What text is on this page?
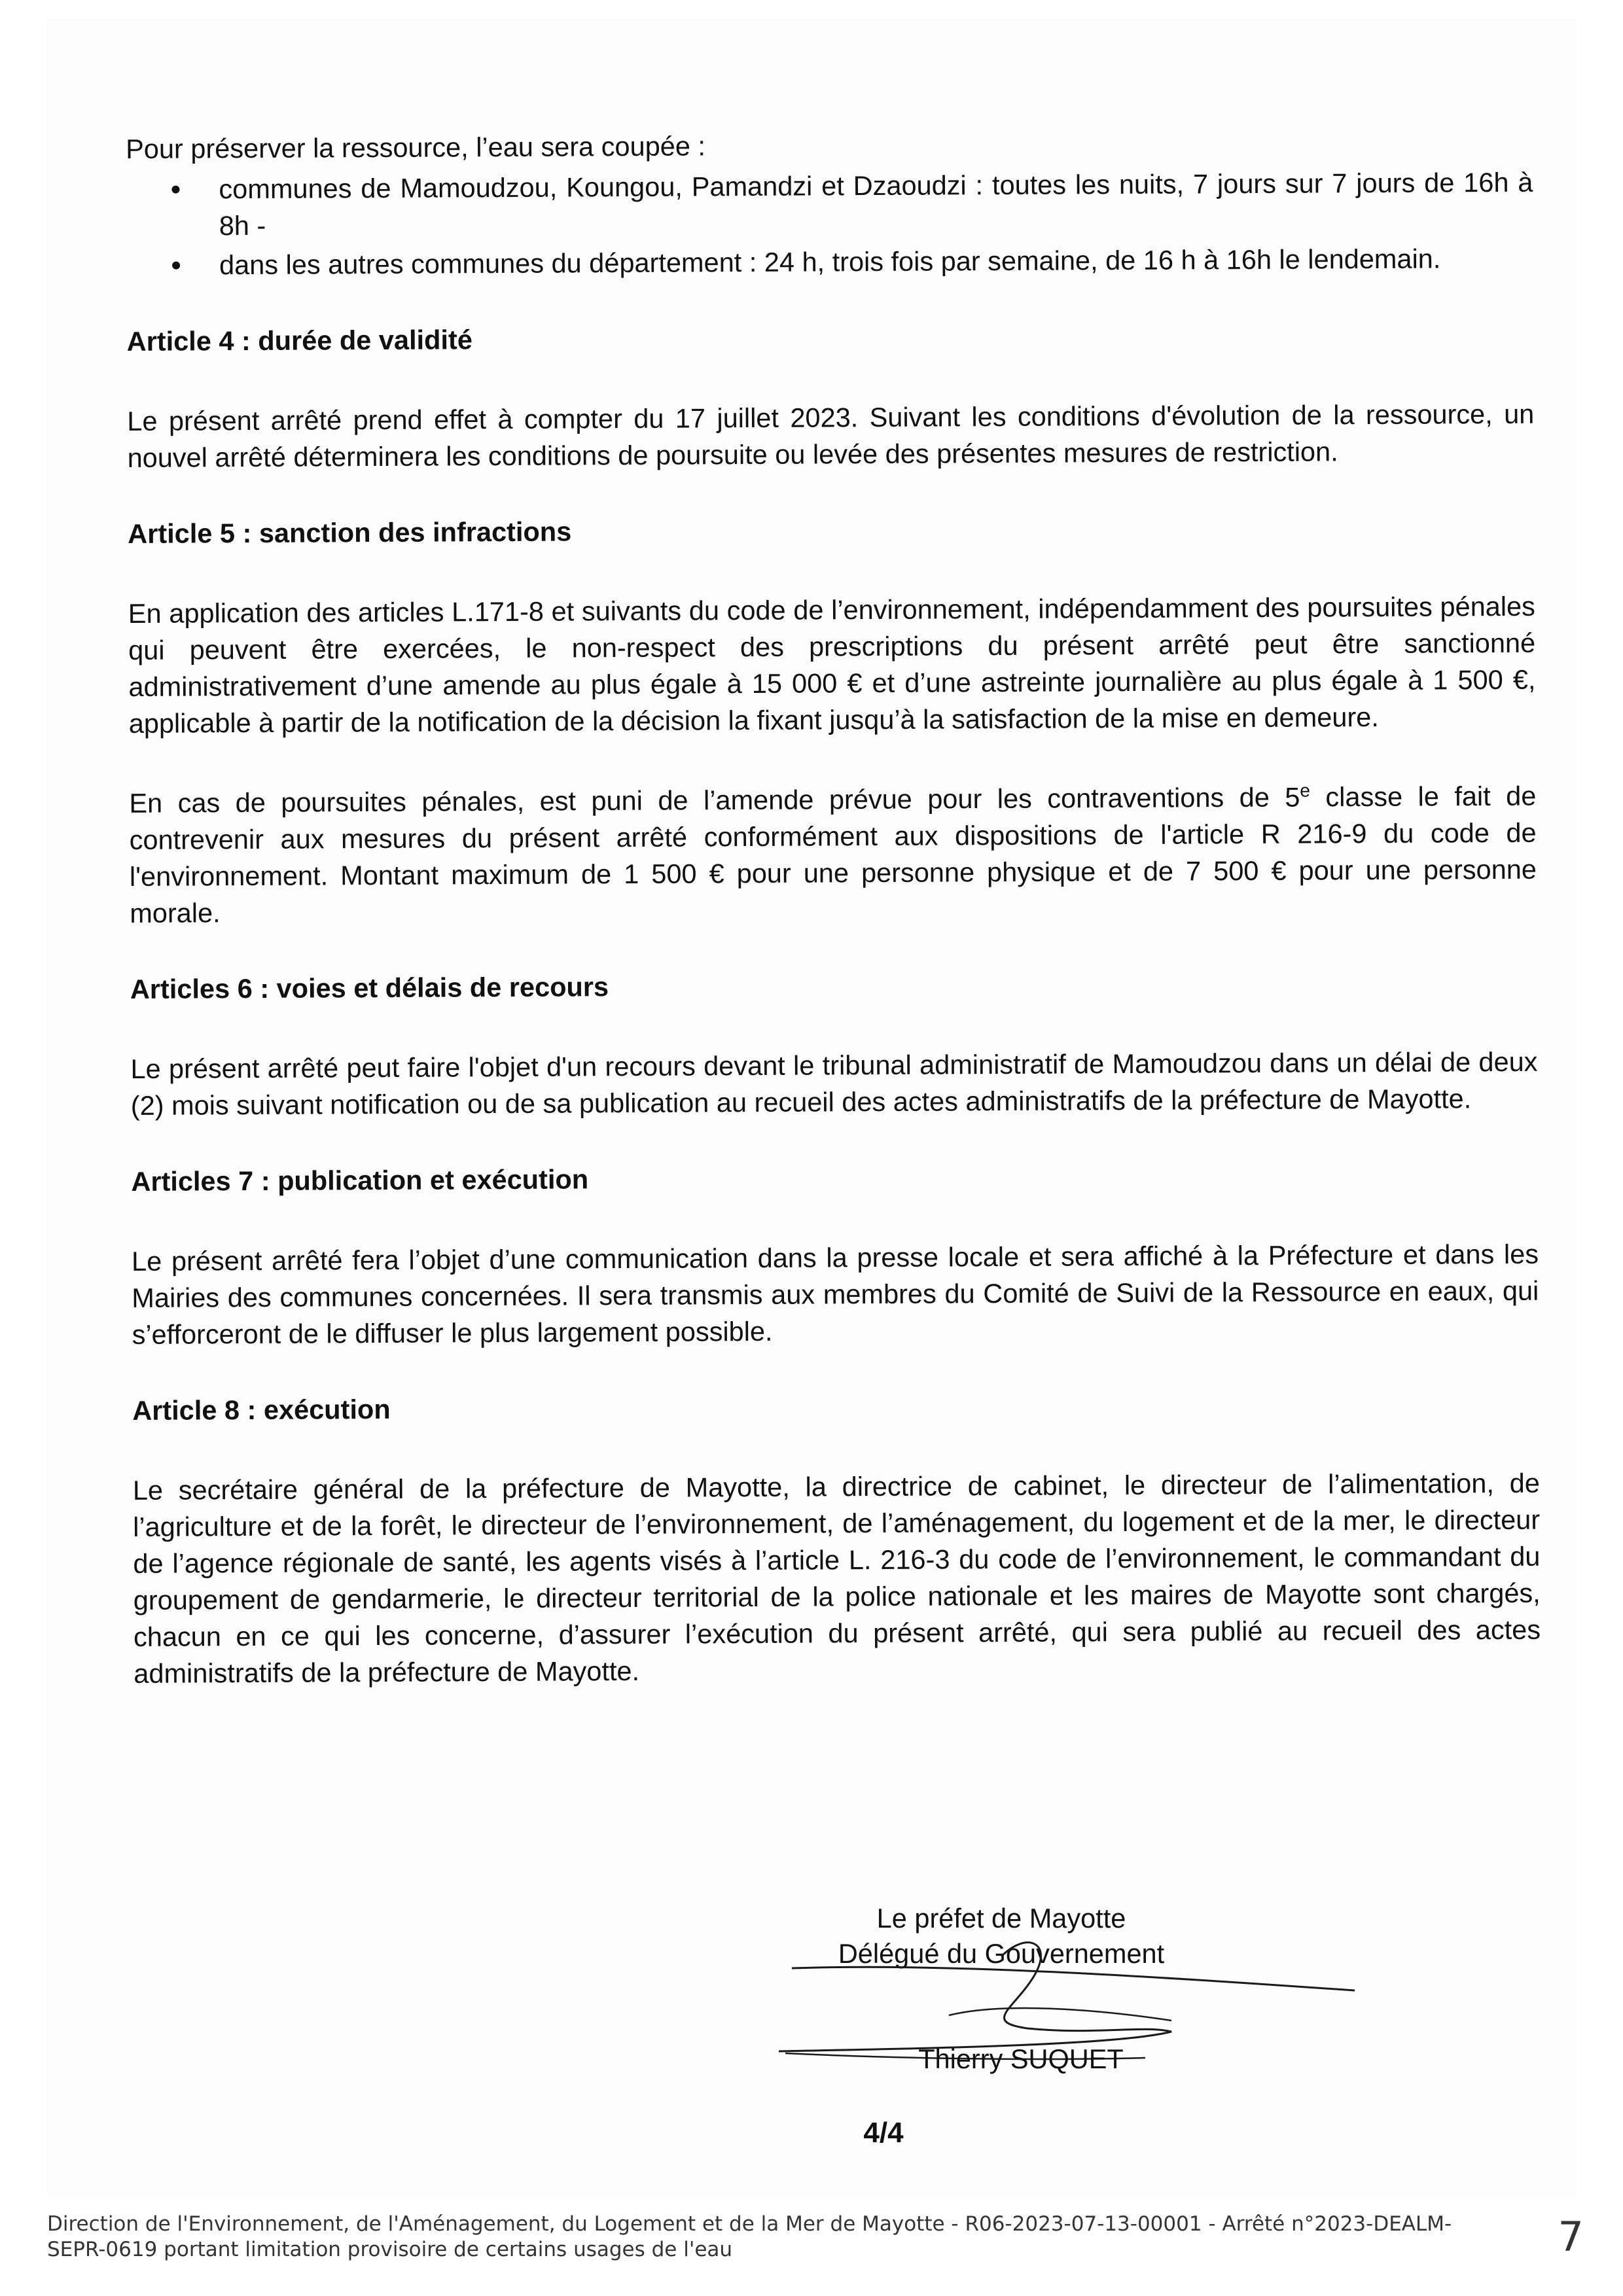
Pour préserver la ressource, l’eau sera coupée :

communes de Mamoudzou, Koungou, Pamandzi et Dzaoudzi : toutes les nuits, 7 jours sur 7 jours de 16h à 8h -
dans les autres communes du département : 24 h, trois fois par semaine, de 16 h à 16h le lendemain.

Article 4 : durée de validité

Le présent arrêté prend effet à compter du 17 juillet 2023. Suivant les conditions d'évolution de la ressource, un nouvel arrêté déterminera les conditions de poursuite ou levée des présentes mesures de restriction.

Article 5 : sanction des infractions

En application des articles L.171-8 et suivants du code de l’environnement, indépendamment des poursuites pénales qui peuvent être exercées, le non-respect des prescriptions du présent arrêté peut être sanctionné administrativement d’une amende au plus égale à 15 000 € et d’une astreinte journalière au plus égale à 1 500 €, applicable à partir de la notification de la décision la fixant jusqu’à la satisfaction de la mise en demeure.

En cas de poursuites pénales, est puni de l’amende prévue pour les contraventions de 5e classe le fait de contrevenir aux mesures du présent arrêté conformément aux dispositions de l'article R 216-9 du code de l'environnement. Montant maximum de 1 500 € pour une personne physique et de 7 500 € pour une personne morale.

Articles 6 : voies et délais de recours

Le présent arrêté peut faire l'objet d'un recours devant le tribunal administratif de Mamoudzou dans un délai de deux (2) mois suivant notification ou de sa publication au recueil des actes administratifs de la préfecture de Mayotte.

Articles 7 : publication et exécution

Le présent arrêté fera l’objet d’une communication dans la presse locale et sera affiché à la Préfecture et dans les Mairies des communes concernées. Il sera transmis aux membres du Comité de Suivi de la Ressource en eaux, qui s’efforceront de le diffuser le plus largement possible.

Article 8 : exécution

Le secrétaire général de la préfecture de Mayotte, la directrice de cabinet, le directeur de l’alimentation, de l’agriculture et de la forêt, le directeur de l’environnement, de l’aménagement, du logement et de la mer, le directeur de l’agence régionale de santé, les agents visés à l’article L. 216-3 du code de l’environnement, le commandant du groupement de gendarmerie, le directeur territorial de la police nationale et les maires de Mayotte sont chargés, chacun en ce qui les concerne, d’assurer l’exécution du présent arrêté, qui sera publié au recueil des actes administratifs de la préfecture de Mayotte.

Le préfet de Mayotte
Délégué du Gouvernement
Thierry SUQUET
4/4
Direction de l'Environnement, de l'Aménagement, du Logement et de la Mer de Mayotte - R06-2023-07-13-00001 - Arrêté n°2023-DEALM-SEPR-0619 portant limitation provisoire de certains usages de l'eau	7
